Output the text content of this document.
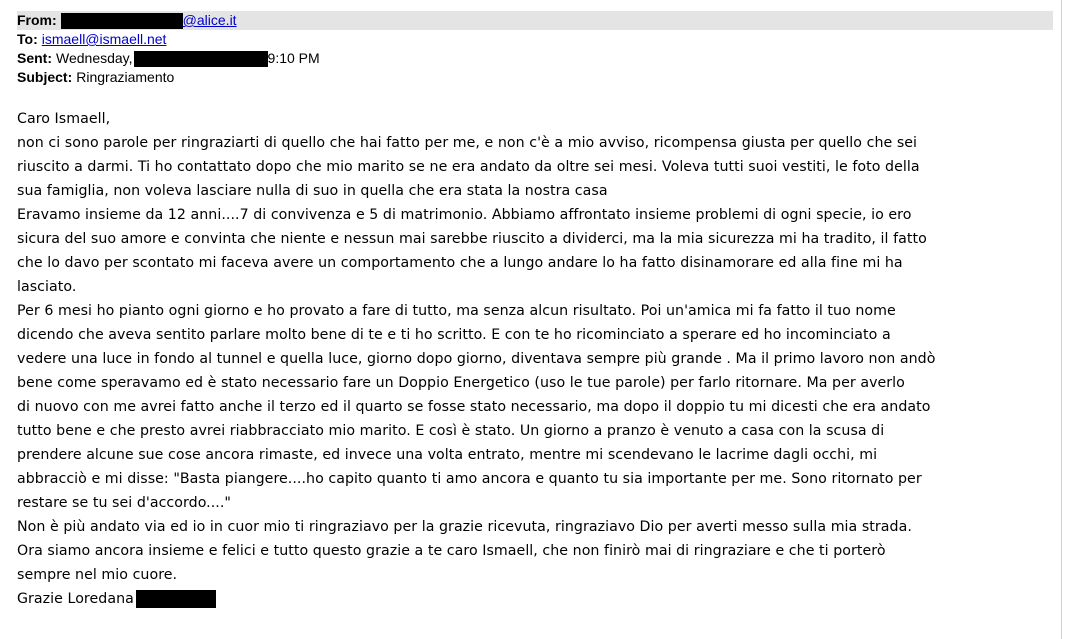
From:	@alice.it
To: ismaell@ismaell.net
Sent: Wednesday,	9:10 PM
Subject: Ringraziamento
Caro Ismaell,
non ci sono parole per ringraziarti di quello che hai fatto per me, e non c'è a mio avviso, ricompensa giusta per quello che sei
riuscito a darmi. Ti ho contattato dopo che mio marito se ne era andato da oltre sei mesi. Voleva tutti suoi vestiti, le foto della
sua famiglia, non voleva lasciare nulla di suo in quella che era stata la nostra casa
Eravamo insieme da 12 anni....7 di convivenza e 5 di matrimonio. Abbiamo affrontato insieme problemi di ogni specie, io ero
sicura del suo amore e convinta che niente e nessun mai sarebbe riuscito a dividerci, ma la mia sicurezza mi ha tradito, il fatto
che lo davo per scontato mi faceva avere un comportamento che a lungo andare lo ha fatto disinamorare ed alla fine mi ha
lasciato.
Per 6 mesi ho pianto ogni giorno e ho provato a fare di tutto, ma senza alcun risultato. Poi un'amica mi fa fatto il tuo nome
dicendo che aveva sentito parlare molto bene di te e ti ho scritto. E con te ho ricominciato a sperare ed ho incominciato a
vedere una luce in fondo al tunnel e quella luce, giorno dopo giorno, diventava sempre più grande . Ma il primo lavoro non andò
bene come speravamo ed è stato necessario fare un Doppio Energetico (uso le tue parole) per farlo ritornare. Ma per averlo
di nuovo con me avrei fatto anche il terzo ed il quarto se fosse stato necessario, ma dopo il doppio tu mi dicesti che era andato
tutto bene e che presto avrei riabbracciato mio marito. E così è stato. Un giorno a pranzo è venuto a casa con la scusa di
prendere alcune sue cose ancora rimaste, ed invece una volta entrato, mentre mi scendevano le lacrime dagli occhi, mi
abbracciò e mi disse: "Basta piangere....ho capito quanto ti amo ancora e quanto tu sia importante per me. Sono ritornato per
restare se tu sei d'accordo...."
Non è più andato via ed io in cuor mio ti ringraziavo per la grazie ricevuta, ringraziavo Dio per averti messo sulla mia strada.
Ora siamo ancora insieme e felici e tutto questo grazie a te caro Ismaell, che non finirò mai di ringraziare e che ti porterò
sempre nel mio cuore.
Grazie Loredana
